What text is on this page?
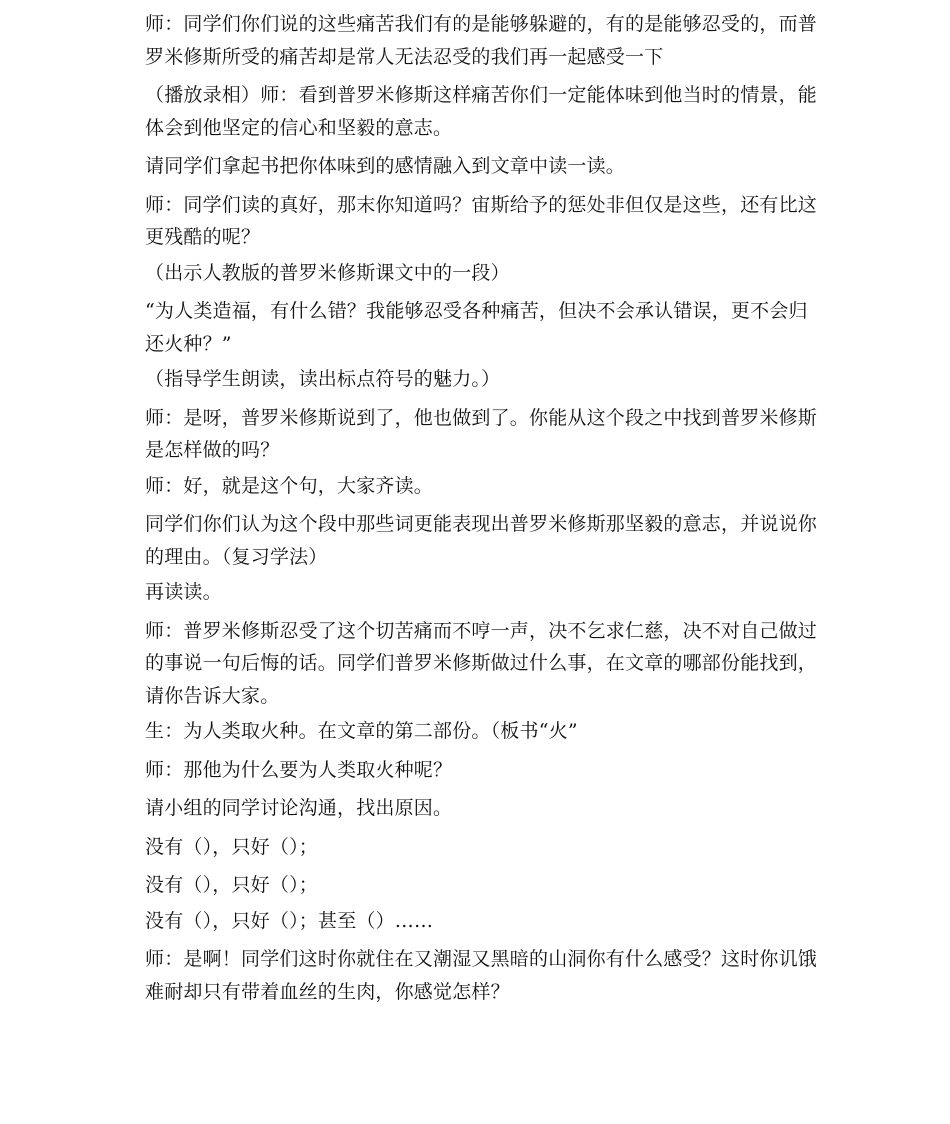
师：同学们你们说的这些痛苦我们有的是能够躲避的，有的是能够忍受的，而普罗米修斯所受的痛苦却是常人无法忍受的我们再一起感受一下

（播放录相）师：看到普罗米修斯这样痛苦你们一定能体味到他当时的情景，能体会到他坚定的信心和坚毅的意志。

请同学们拿起书把你体味到的感情融入到文章中读一读。

师：同学们读的真好，那末你知道吗？宙斯给予的惩处非但仅是这些，还有比这更残酷的呢？

（出示人教版的普罗米修斯课文中的一段）

“为人类造福，有什么错？我能够忍受各种痛苦，但决不会承认错误，更不会归还火种？”

（指导学生朗读，读出标点符号的魅力。）

师：是呀，普罗米修斯说到了，他也做到了。你能从这个段之中找到普罗米修斯是怎样做的吗？

师：好，就是这个句，大家齐读。

同学们你们认为这个段中那些词更能表现出普罗米修斯那坚毅的意志，并说说你的理由。（复习学法）

再读读。

师：普罗米修斯忍受了这个切苦痛而不哼一声，决不乞求仁慈，决不对自己做过的事说一句后悔的话。同学们普罗米修斯做过什么事，在文章的哪部份能找到，请你告诉大家。

生：为人类取火种。在文章的第二部份。（板书“火”

师：那他为什么要为人类取火种呢？

请小组的同学讨论沟通，找出原因。

没有（），只好（）；

没有（），只好（）；

没有（），只好（）；甚至（）……

师：是啊！同学们这时你就住在又潮湿又黑暗的山洞你有什么感受？这时你讥饿难耐却只有带着血丝的生肉，你感觉怎样？
